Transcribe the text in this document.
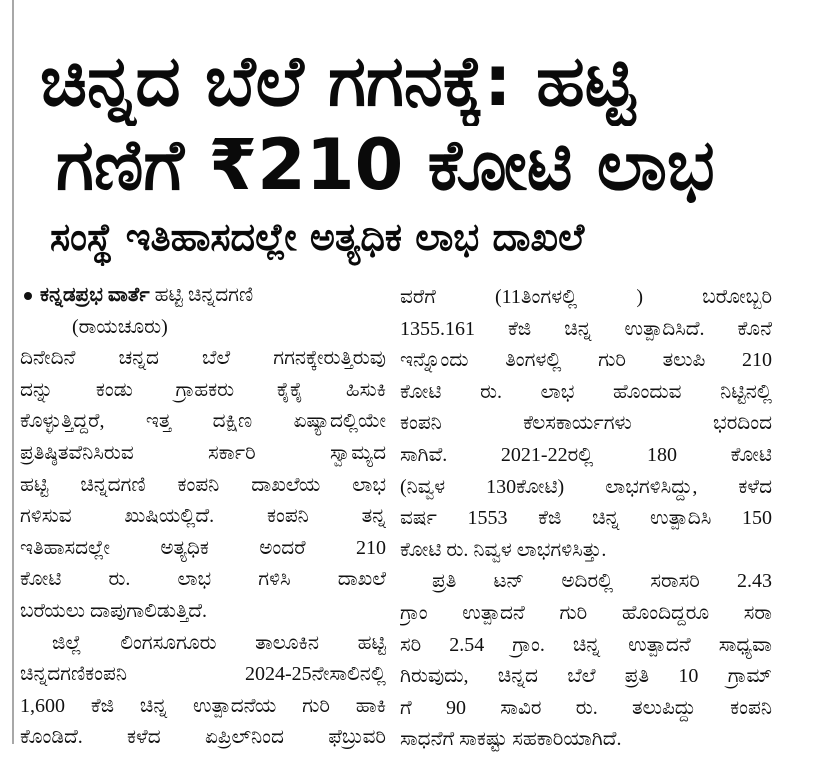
ಚಿನ್ನದ ಬೆಲೆ ಗಗನಕ್ಕೆ: ಹಟ್ಟಿ
ಗಣಿಗೆ ₹210 ಕೋಟಿ ಲಾಭ
ಸಂಸ್ಥೆ ಇತಿಹಾಸದಲ್ಲೇ ಅತ್ಯಧಿಕ ಲಾಭ ದಾಖಲೆ
ಕನ್ನಡಪ್ರಭ ವಾರ್ತೆ ಹಟ್ಟಿ ಚಿನ್ನದಗಣಿ
(ರಾಯಚೂರು)
ದಿನೇದಿನೆ ಚನ್ನದ ಬೆಲೆ ಗಗನಕ್ಕೇರುತ್ತಿರುವು
ದನ್ನು ಕಂಡು ಗ್ರಾಹಕರು ಕೈಕೈ ಹಿಸುಕಿ
ಕೊಳ್ಳುತ್ತಿದ್ದರೆ, ಇತ್ತ ದಕ್ಷಿಣ ಏಷ್ಯಾದಲ್ಲಿಯೇ
ಪ್ರತಿಷ್ಠಿತವೆನಿಸಿರುವ ಸರ್ಕಾರಿ ಸ್ವಾಮ್ಯದ
ಹಟ್ಟಿ ಚಿನ್ನದಗಣಿ ಕಂಪನಿ ದಾಖಲೆಯ ಲಾಭ
ಗಳಿಸುವ ಖುಷಿಯಲ್ಲಿದೆ. ಕಂಪನಿ ತನ್ನ
ಇತಿಹಾಸದಲ್ಲೇ ಅತ್ಯಧಿಕ ಅಂದರೆ 210
ಕೋಟಿ ರು. ಲಾಭ ಗಳಿಸಿ ದಾಖಲೆ
ಬರೆಯಲು ದಾಪುಗಾಲಿಡುತ್ತಿದೆ.
ಜಿಲ್ಲೆ ಲಿಂಗಸೂಗೂರು ತಾಲೂಕಿನ ಹಟ್ಟಿ
ಚಿನ್ನದಗಣಿಕಂಪನಿ 2024-25ನೇಸಾಲಿನಲ್ಲಿ
1,600 ಕೆಜಿ ಚಿನ್ನ ಉತ್ಪಾದನೆಯ ಗುರಿ ಹಾಕಿ
ಕೊಂಡಿದೆ. ಕಳೆದ ಏಪ್ರಿಲ್‌ನಿಂದ ಫೆಬ್ರುವರಿ
ವರೆಗೆ (11ತಿಂಗಳಲ್ಲಿ ) ಬರೋಬ್ಬರಿ
1355.161 ಕೆಜಿ ಚಿನ್ನ ಉತ್ಪಾದಿಸಿದೆ. ಕೊನೆ
ಇನ್ನೊಂದು ತಿಂಗಳಲ್ಲಿ ಗುರಿ ತಲುಪಿ 210
ಕೋಟಿ ರು. ಲಾಭ ಹೊಂದುವ ನಿಟ್ಟಿನಲ್ಲಿ
ಕಂಪನಿ ಕೆಲಸಕಾರ್ಯಗಳು ಭರದಿಂದ
ಸಾಗಿವೆ. 2021-22ರಲ್ಲಿ 180 ಕೋಟಿ
(ನಿವ್ವಳ 130ಕೋಟಿ) ಲಾಭಗಳಿಸಿದ್ದು, ಕಳೆದ
ವರ್ಷ 1553 ಕೆಜಿ ಚಿನ್ನ ಉತ್ಪಾದಿಸಿ 150
ಕೋಟಿ ರು. ನಿವ್ವಳ ಲಾಭಗಳಿಸಿತ್ತು.
ಪ್ರತಿ ಟನ್ ಅದಿರಲ್ಲಿ ಸರಾಸರಿ 2.43
ಗ್ರಾಂ ಉತ್ಪಾದನೆ ಗುರಿ ಹೊಂದಿದ್ದರೂ ಸರಾ
ಸರಿ 2.54 ಗ್ರಾಂ. ಚಿನ್ನ ಉತ್ಪಾದನೆ ಸಾಧ್ಯವಾ
ಗಿರುವುದು, ಚಿನ್ನದ ಬೆಲೆ ಪ್ರತಿ 10 ಗ್ರಾಮ್
ಗೆ 90 ಸಾವಿರ ರು. ತಲುಪಿದ್ದು ಕಂಪನಿ
ಸಾಧನೆಗೆ ಸಾಕಷ್ಟು ಸಹಕಾರಿಯಾಗಿದೆ.
